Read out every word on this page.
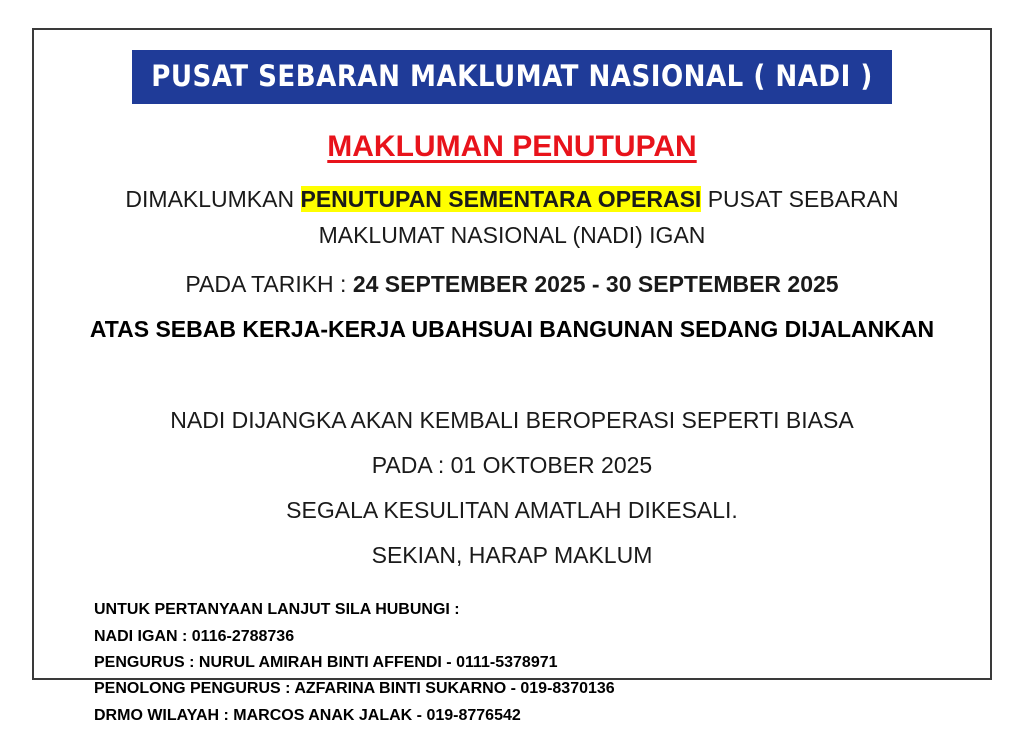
PUSAT SEBARAN MAKLUMAT NASIONAL ( NADI )
MAKLUMAN PENUTUPAN
DIMAKLUMKAN PENUTUPAN SEMENTARA OPERASI PUSAT SEBARAN MAKLUMAT NASIONAL (NADI) IGAN
PADA TARIKH : 24 SEPTEMBER 2025 - 30 SEPTEMBER 2025
ATAS SEBAB KERJA-KERJA UBAHSUAI BANGUNAN SEDANG DIJALANKAN
NADI DIJANGKA AKAN KEMBALI BEROPERASI SEPERTI BIASA
PADA : 01 OKTOBER 2025
SEGALA KESULITAN AMATLAH DIKESALI.
SEKIAN, HARAP MAKLUM
UNTUK PERTANYAAN LANJUT SILA HUBUNGI :
NADI IGAN : 0116-2788736
PENGURUS : NURUL AMIRAH BINTI AFFENDI - 0111-5378971
PENOLONG PENGURUS : AZFARINA BINTI SUKARNO - 019-8370136
DRMO WILAYAH : MARCOS ANAK JALAK - 019-8776542
